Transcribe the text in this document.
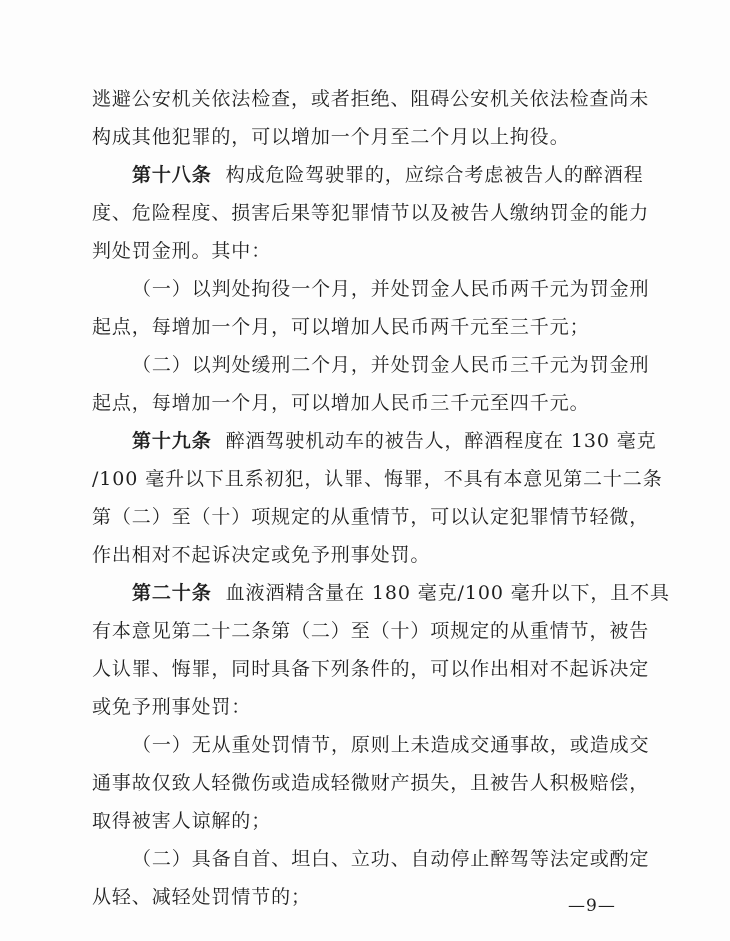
逃避公安机关依法检查，或者拒绝、阻碍公安机关依法检查尚未
构成其他犯罪的，可以增加一个月至二个月以上拘役。
第十八条 构成危险驾驶罪的，应综合考虑被告人的醉酒程
度、危险程度、损害后果等犯罪情节以及被告人缴纳罚金的能力
判处罚金刑。其中：
（一）以判处拘役一个月，并处罚金人民币两千元为罚金刑
起点，每增加一个月，可以增加人民币两千元至三千元；
（二）以判处缓刑二个月，并处罚金人民币三千元为罚金刑
起点，每增加一个月，可以增加人民币三千元至四千元。
第十九条 醉酒驾驶机动车的被告人，醉酒程度在 130 毫克
/100 毫升以下且系初犯，认罪、悔罪，不具有本意见第二十二条
第（二）至（十）项规定的从重情节，可以认定犯罪情节轻微，
作出相对不起诉决定或免予刑事处罚。
第二十条 血液酒精含量在 180 毫克/100 毫升以下，且不具
有本意见第二十二条第（二）至（十）项规定的从重情节，被告
人认罪、悔罪，同时具备下列条件的，可以作出相对不起诉决定
或免予刑事处罚：
（一）无从重处罚情节，原则上未造成交通事故，或造成交
通事故仅致人轻微伤或造成轻微财产损失，且被告人积极赔偿，
取得被害人谅解的；
（二）具备自首、坦白、立功、自动停止醉驾等法定或酌定
从轻、减轻处罚情节的；	—9—
